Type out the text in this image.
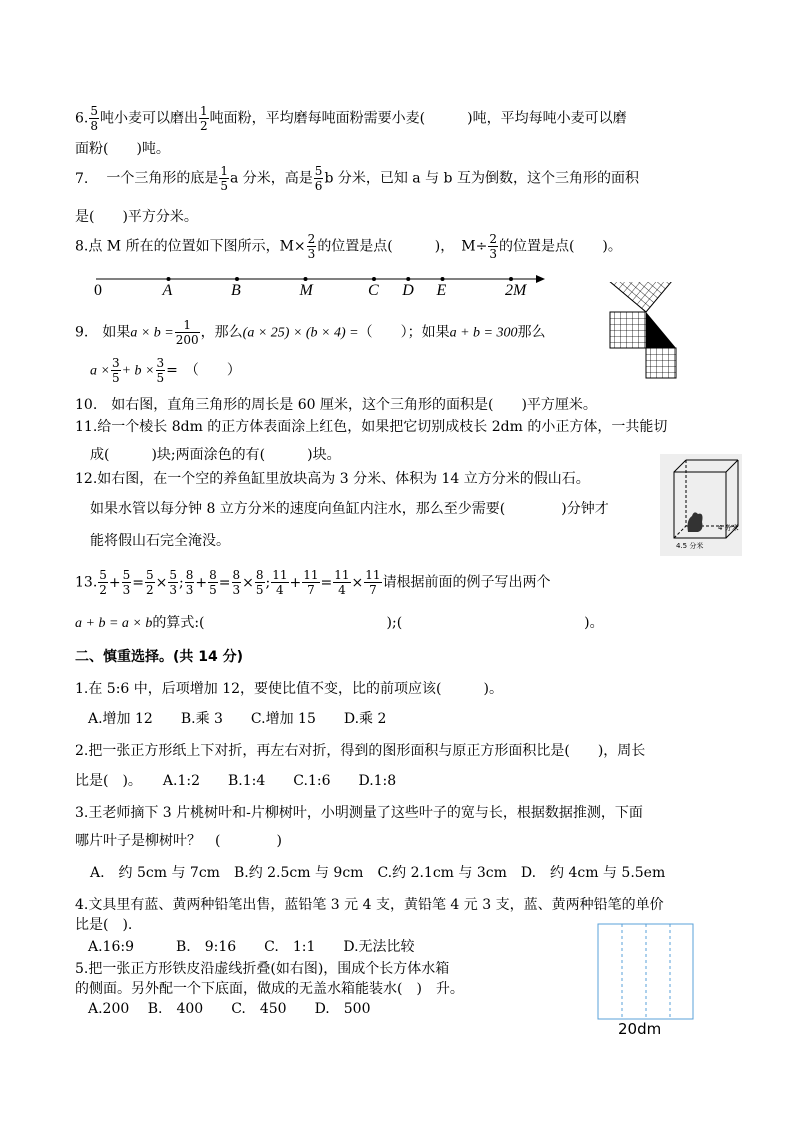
6. $\frac{5}{8}$ 吨小麦可以磨出 $\frac{1}{2}$ 吨面粉，平均磨每吨面粉需要小麦(　　　)吨，平均每吨小麦可以磨
面粉(　　)吨。
7. 一个三角形的底是 $\frac{1}{5}$ a 分米，高是 $\frac{5}{6}$ b 分米，已知 a 与 b 互为倒数，这个三角形的面积
是(　　)平方分米。
8.点 M 所在的位置如下图所示，$M\times \frac{2}{3}$ 的位置是点(　　　)，　$M\div \frac{2}{3}$ 的位置是点(　　)。
0	A	B	M	C D E	2M
9.　如果$a \times b = \frac{1}{200}$ ，那么(a × 25) × (b × 4) =（　　）；如果a + b = 300那么
$a \times \frac{3}{5} + b \times \frac{3}{5}$ =　（　　）
10.　如右图，直角三角形的周长是 60 厘米，这个三角形的面积是(　　)平方厘米。
11.给一个棱长 8dm 的正方体表面涂上红色，如果把它切别成枝长 2dm 的小正方体，一共能切
成(　　　)块;两面涂色的有(　　　)块。
12.如右图，在一个空的养鱼缸里放块高为 3 分米、体积为 14 立方分米的假山石。
如果水管以每分钟 8 立方分米的速度向鱼缸内注水，那么至少需要(　　　　)分钟才
能将假山石完全淹没。
4 分米
4.5 分米
13. $\frac{5}{2} + \frac{5}{3} = \frac{5}{2} \times \frac{5}{3}$ ; $\frac{8}{3} + \frac{8}{5} = \frac{8}{3} \times \frac{8}{5}$ ; $\frac{11}{4} + \frac{11}{7} = \frac{11}{4} \times \frac{11}{7}$ 请根据前面的例子写出两个
a + b = a × b的算式:(　　　　　　　　　　　　　);(　　　　　　　　　　　　　)。
二、慎重选择。(共 14 分)
1.在 5:6 中，后项增加 12，要使比值不变，比的前项应该(　　　)。
A.增加 12　　B.乘 3　　C.增加 15　　D.乘 2
2.把一张正方形纸上下对折，再左右对折，得到的图形面积与原正方形面积比是(　　)，周长
比是(　)。　　A.1:2　　B.1:4　　C.1:6　　D.1:8
3.王老师摘下 3 片桃树叶和-片柳树叶，小明测量了这些叶子的宽与长，根据数据推测，下面
哪片叶子是柳树叶？　(　　　　)
A.　约 5cm 与 7cm　B.约 2.5cm 与 9cm　C.约 2.1cm 与 3cm　D.　约 4cm 与 5.5em
4.文具里有蓝、黄两种铅笔出售，蓝铅笔 3 元 4 支，黄铅笔 4 元 3 支，蓝、黄两种铅笔的单价
比是(　).
A.16:9　　　B.　9:16　　C.　1:1　　D.无法比较
5.把一张正方形铁皮沿虚线折叠(如右图)，围成个长方体水箱
的侧面。另外配一个下底面，做成的无盖水箱能装水(　)　升。
A.200　 B.　400　　C.　450　　D.　500
20dm
